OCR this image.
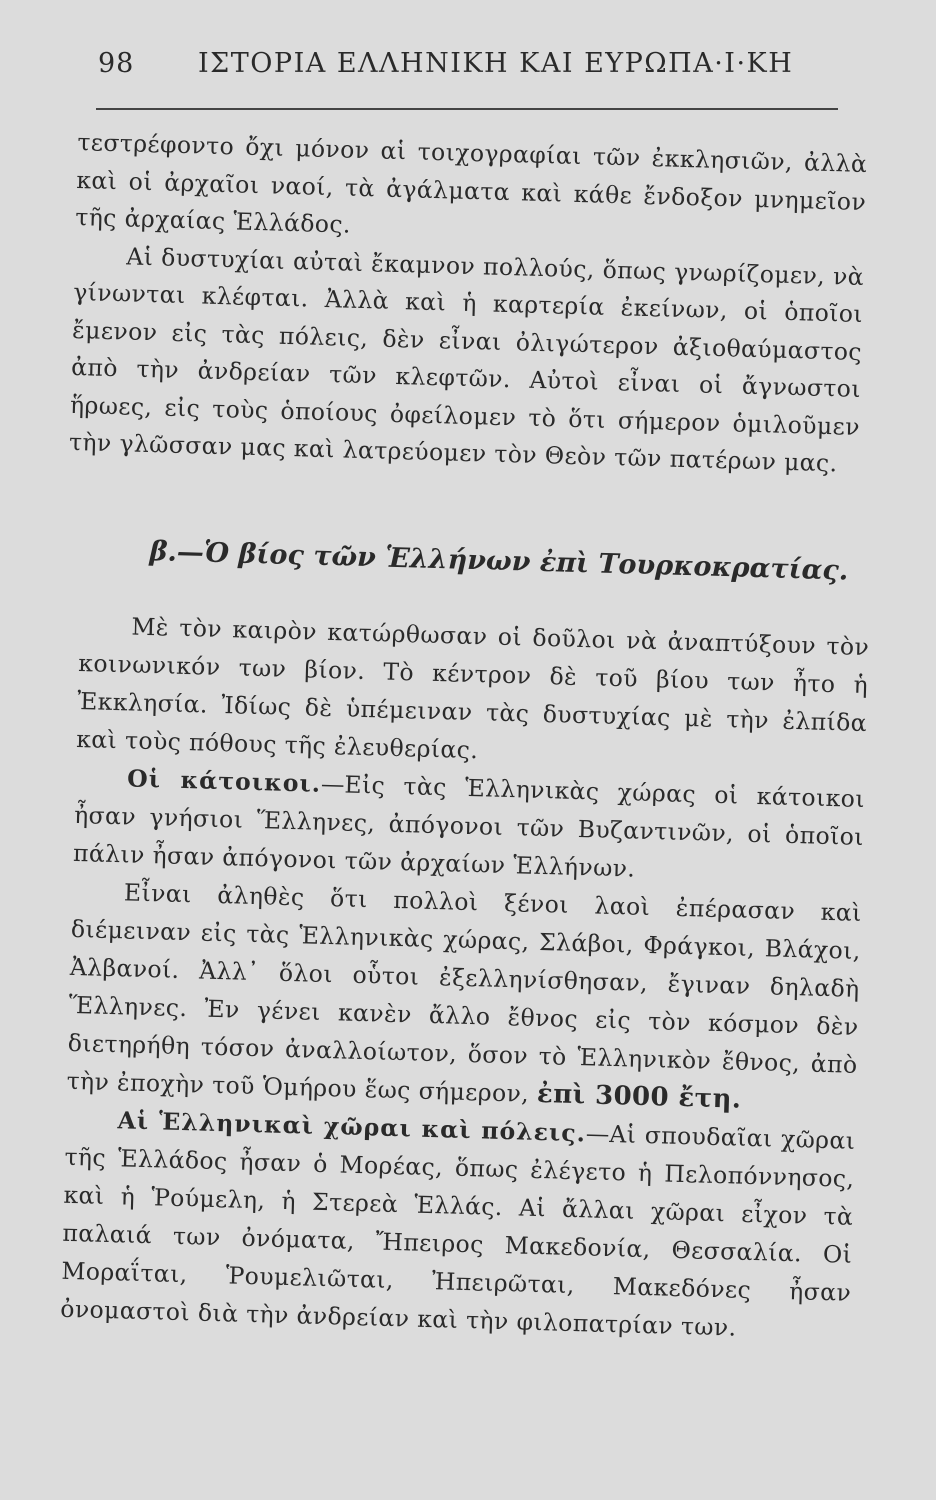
98 ΙΣΤΟΡΙΑ ΕΛΛΗΝΙΚΗ ΚΑΙ ΕΥΡΩΠΑ·Ι·ΚΗ

τεστρέφοντο ὄχι μόνον αἱ τοιχογραφίαι τῶν ἐκκλησιῶν, ἀλλὰ καὶ οἱ ἀρχαῖοι ναοί, τὰ ἀγάλματα καὶ κάθε ἔνδοξον μνημεῖον τῆς ἀρχαίας Ἑλλάδος.

Αἱ δυστυχίαι αὐταὶ ἔκαμνον πολλούς, ὅπως γνωρίζομεν, νὰ γίνωνται κλέφται. Ἀλλὰ καὶ ἡ καρτερία ἐκείνων, οἱ ὁποῖοι ἔμενον εἰς τὰς πόλεις, δὲν εἶναι ὀλιγώτερον ἀξιοθαύμαστος ἀπὸ τὴν ἀνδρείαν τῶν κλεφτῶν. Αὐτοὶ εἶναι οἱ ἄγνωστοι ἥρωες, εἰς τοὺς ὁποίους ὀφείλομεν τὸ ὅτι σήμερον ὁμιλοῦμεν τὴν γλῶσσαν μας καὶ λατρεύομεν τὸν Θεὸν τῶν πατέρων μας.

β.—Ὁ βίος τῶν Ἑλλήνων ἐπὶ Τουρκοκρατίας.

Μὲ τὸν καιρὸν κατώρθωσαν οἱ δοῦλοι νὰ ἀναπτύξουν τὸν κοινωνικόν των βίον. Τὸ κέντρον δὲ τοῦ βίου των ἦτο ἡ Ἐκκλησία. Ἰδίως δὲ ὑπέμειναν τὰς δυστυχίας μὲ τὴν ἐλπίδα καὶ τοὺς πόθους τῆς ἐλευθερίας.

Οἱ κάτοικοι.—Εἰς τὰς Ἑλληνικὰς χώρας οἱ κάτοικοι ἦσαν γνήσιοι Ἕλληνες, ἀπόγονοι τῶν Βυζαντινῶν, οἱ ὁποῖοι πάλιν ἦσαν ἀπόγονοι τῶν ἀρχαίων Ἑλλήνων.

Εἶναι ἀληθὲς ὅτι πολλοὶ ξένοι λαοὶ ἐπέρασαν καὶ διέμειναν εἰς τὰς Ἑλληνικὰς χώρας, Σλάβοι, Φράγκοι, Βλάχοι, Ἀλβανοί. Ἀλλ᾽ ὅλοι οὗτοι ἐξελληνίσθησαν, ἔγιναν δηλαδὴ Ἕλληνες. Ἐν γένει κανὲν ἄλλο ἔθνος εἰς τὸν κόσμον δὲν διετηρήθη τόσον ἀναλλοίωτον, ὅσον τὸ Ἑλληνικὸν ἔθνος, ἀπὸ τὴν ἐποχὴν τοῦ Ὁμήρου ἕως σήμερον, ἐπὶ 3000 ἔτη.

Αἱ Ἑλληνικαὶ χῶραι καὶ πόλεις.—Αἱ σπουδαῖαι χῶραι τῆς Ἑλλάδος ἦσαν ὁ Μορέας, ὅπως ἐλέγετο ἡ Πελοπόννησος, καὶ ἡ Ῥούμελη, ἡ Στερεὰ Ἑλλάς. Αἱ ἄλλαι χῶραι εἶχον τὰ παλαιά των ὀνόματα, Ἤπειρος Μακεδονία, Θεσσαλία. Οἱ Μοραΐται, Ῥουμελιῶται, Ἠπειρῶται, Μακεδόνες ἦσαν ὀνομαστοὶ διὰ τὴν ἀνδρείαν καὶ τὴν φιλοπατρίαν των.
